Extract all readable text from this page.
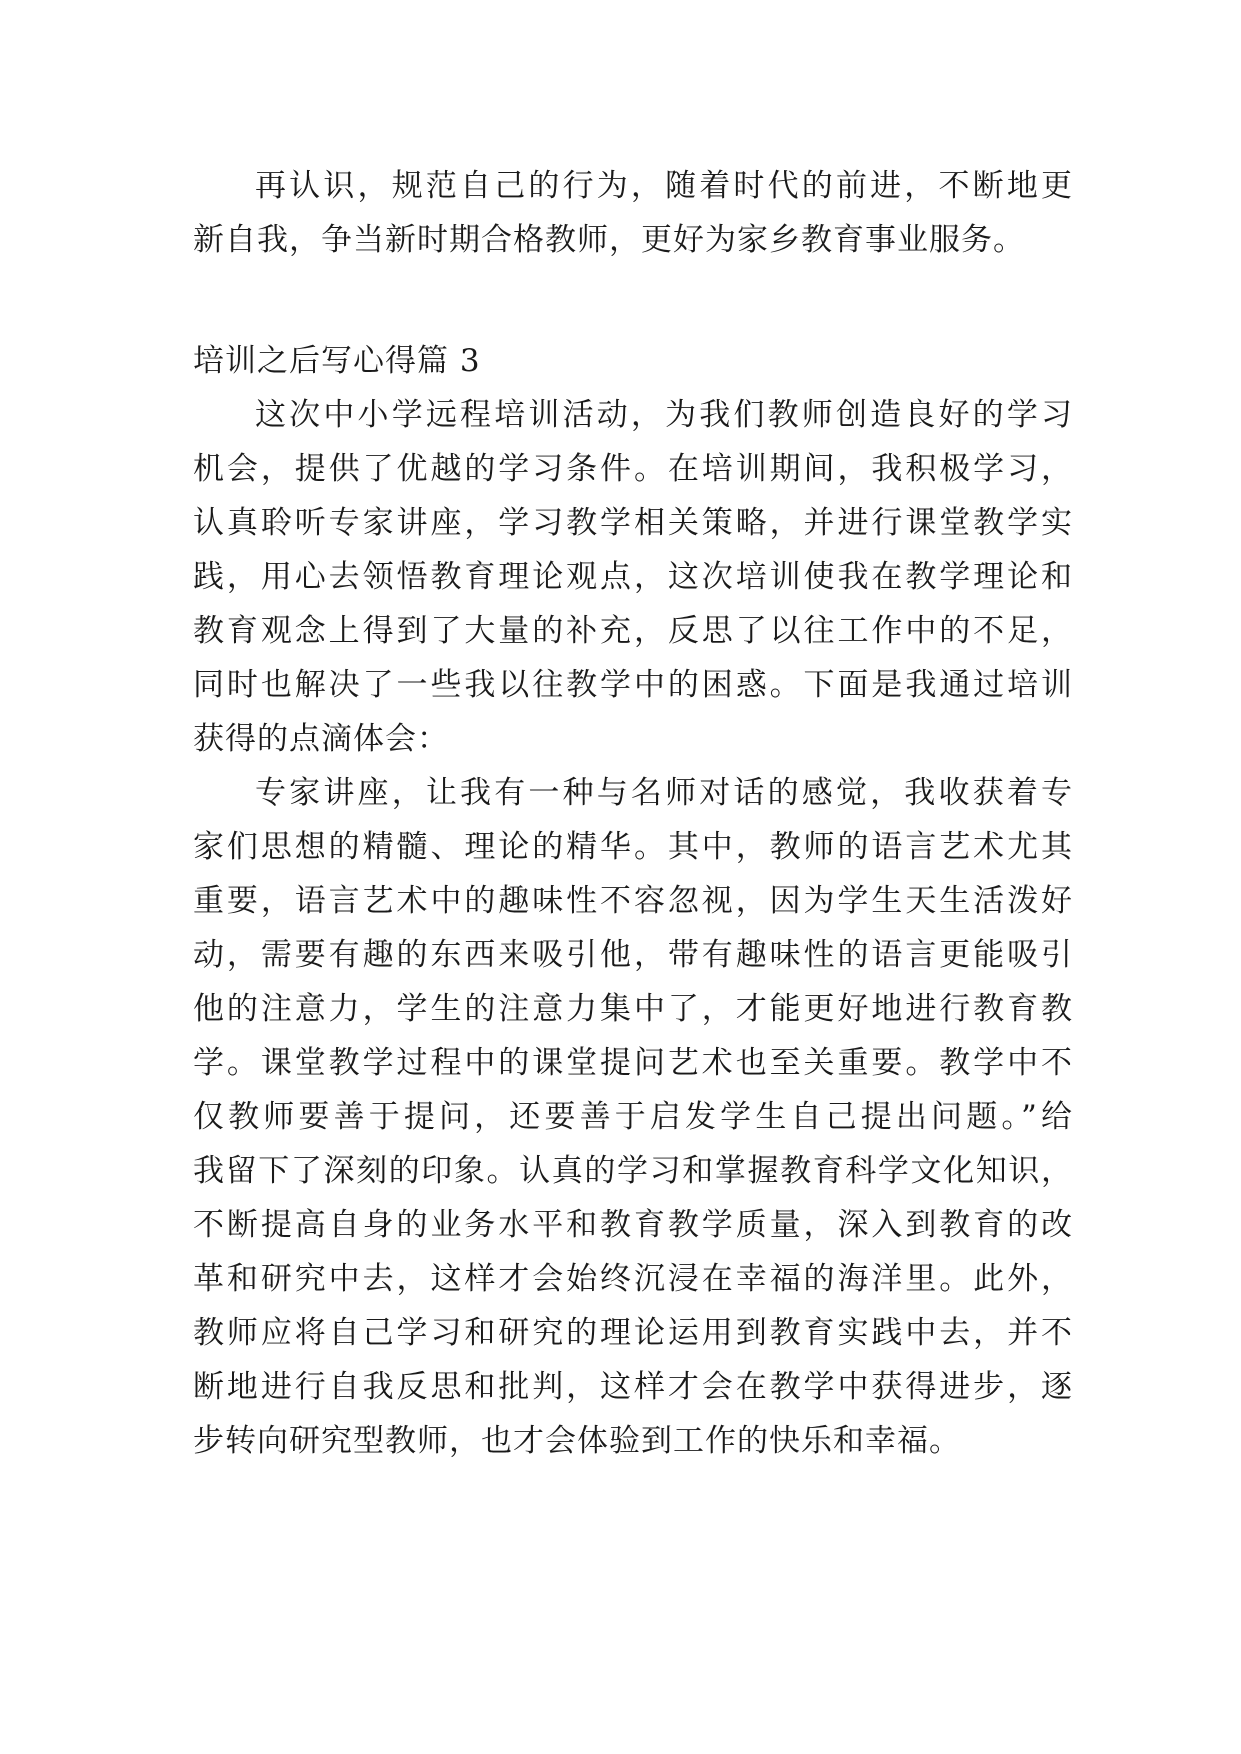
再认识，规范自己的行为，随着时代的前进，不断地更
新自我，争当新时期合格教师，更好为家乡教育事业服务。
培训之后写心得篇 3
这次中小学远程培训活动，为我们教师创造良好的学习
机会，提供了优越的学习条件。在培训期间，我积极学习，
认真聆听专家讲座，学习教学相关策略，并进行课堂教学实
践，用心去领悟教育理论观点，这次培训使我在教学理论和
教育观念上得到了大量的补充，反思了以往工作中的不足，
同时也解决了一些我以往教学中的困惑。下面是我通过培训
获得的点滴体会：
专家讲座，让我有一种与名师对话的感觉，我收获着专
家们思想的精髓、理论的精华。其中，教师的语言艺术尤其
重要，语言艺术中的趣味性不容忽视，因为学生天生活泼好
动，需要有趣的东西来吸引他，带有趣味性的语言更能吸引
他的注意力，学生的注意力集中了，才能更好地进行教育教
学。课堂教学过程中的课堂提问艺术也至关重要。教学中不
仅教师要善于提问，还要善于启发学生自己提出问题。”给
我留下了深刻的印象。认真的学习和掌握教育科学文化知识，
不断提高自身的业务水平和教育教学质量，深入到教育的改
革和研究中去，这样才会始终沉浸在幸福的海洋里。此外，
教师应将自己学习和研究的理论运用到教育实践中去，并不
断地进行自我反思和批判，这样才会在教学中获得进步，逐
步转向研究型教师，也才会体验到工作的快乐和幸福。
